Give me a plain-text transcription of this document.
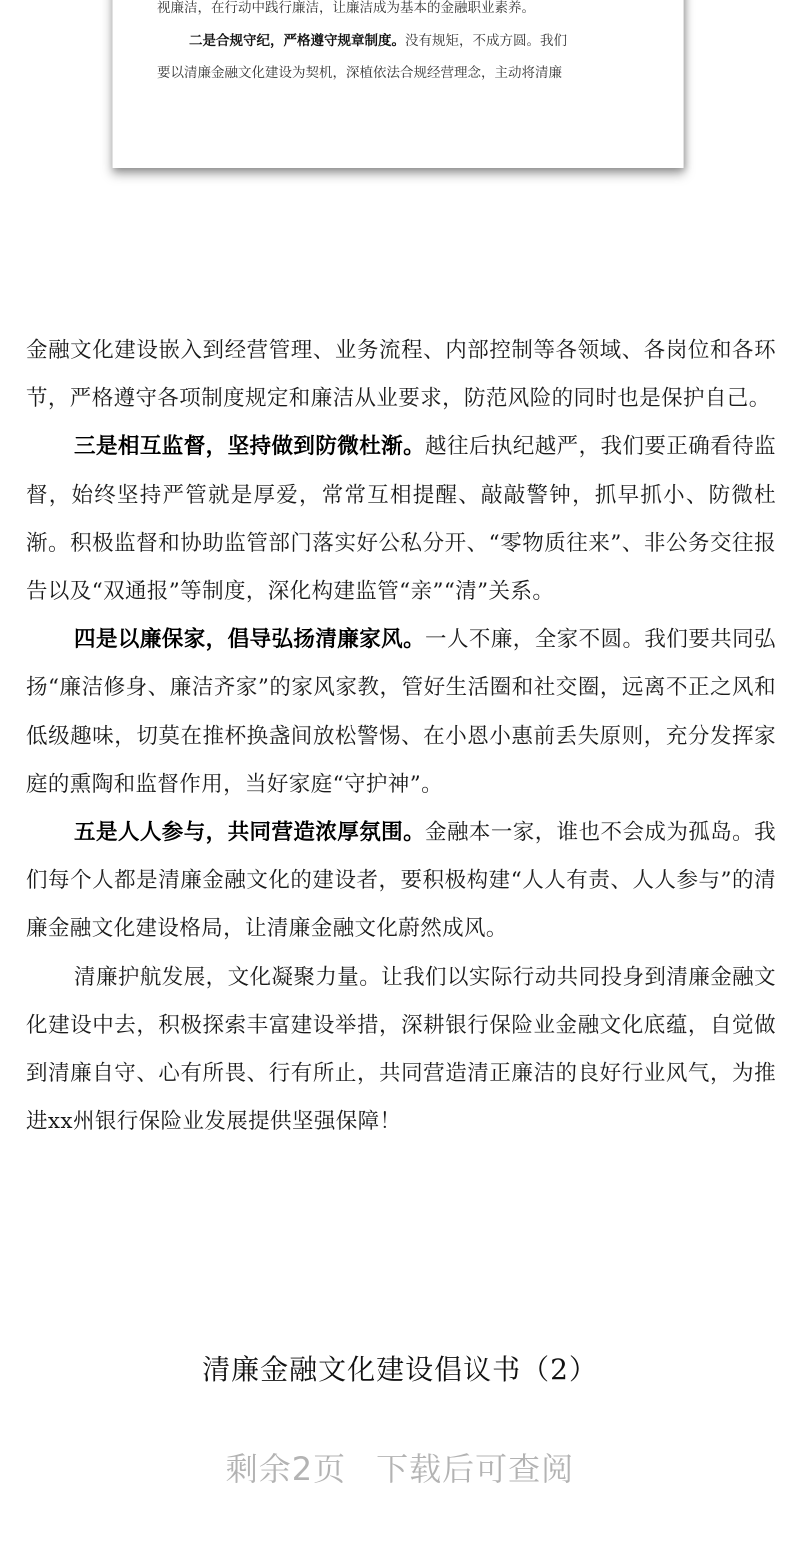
视廉洁，在行动中践行廉洁，让廉洁成为基本的金融职业素养。
二是合规守纪，严格遵守规章制度。没有规矩，不成方圆。我们
要以清廉金融文化建设为契机，深植依法合规经营理念，主动将清廉

金融文化建设嵌入到经营管理、业务流程、内部控制等各领域、各岗位和各环节，严格遵守各项制度规定和廉洁从业要求，防范风险的同时也是保护自己。

三是相互监督，坚持做到防微杜渐。越往后执纪越严，我们要正确看待监督，始终坚持严管就是厚爱，常常互相提醒、敲敲警钟，抓早抓小、防微杜渐。积极监督和协助监管部门落实好公私分开、“零物质往来”、非公务交往报告以及“双通报”等制度，深化构建监管“亲”“清”关系。

四是以廉保家，倡导弘扬清廉家风。一人不廉，全家不圆。我们要共同弘扬“廉洁修身、廉洁齐家”的家风家教，管好生活圈和社交圈，远离不正之风和低级趣味，切莫在推杯换盏间放松警惕、在小恩小惠前丢失原则，充分发挥家庭的熏陶和监督作用，当好家庭“守护神”。

五是人人参与，共同营造浓厚氛围。金融本一家，谁也不会成为孤岛。我们每个人都是清廉金融文化的建设者，要积极构建“人人有责、人人参与”的清廉金融文化建设格局，让清廉金融文化蔚然成风。

清廉护航发展，文化凝聚力量。让我们以实际行动共同投身到清廉金融文化建设中去，积极探索丰富建设举措，深耕银行保险业金融文化底蕴，自觉做到清廉自守、心有所畏、行有所止，共同营造清正廉洁的良好行业风气，为推进xx州银行保险业发展提供坚强保障！

清廉金融文化建设倡议书（2）
剩余2页 下载后可查阅
